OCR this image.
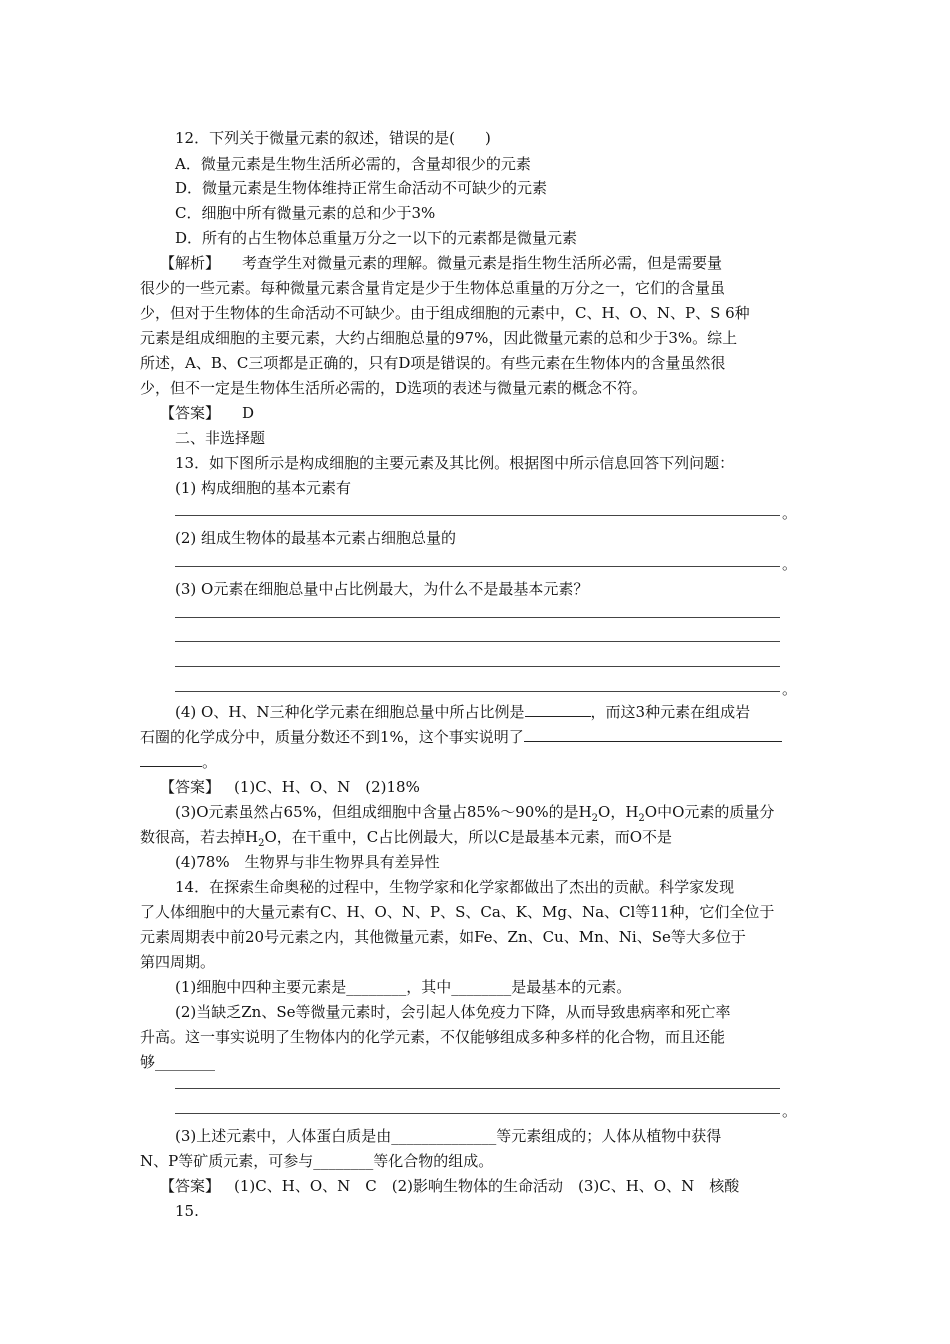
12．下列关于微量元素的叙述，错误的是(　　)
A．微量元素是生物生活所必需的，含量却很少的元素
D．微量元素是生物体维持正常生命活动不可缺少的元素
C．细胞中所有微量元素的总和少于3%
D．所有的占生物体总重量万分之一以下的元素都是微量元素
【解析】 考查学生对微量元素的理解。微量元素是指生物生活所必需，但是需要量
很少的一些元素。每种微量元素含量肯定是少于生物体总重量的万分之一，它们的含量虽
少，但对于生物体的生命活动不可缺少。由于组成细胞的元素中，C、H、O、N、P、S 6种
元素是组成细胞的主要元素，大约占细胞总量的97%，因此微量元素的总和少于3%。综上
所述，A、B、C三项都是正确的，只有D项是错误的。有些元素在生物体内的含量虽然很
少，但不一定是生物体生活所必需的，D选项的表述与微量元素的概念不符。
【答案】 D
二、非选择题
13．如下图所示是构成细胞的主要元素及其比例。根据图中所示信息回答下列问题：
(1) 构成细胞的基本元素有
。
(2) 组成生物体的最基本元素占细胞总量的
。
(3) O元素在细胞总量中占比例最大，为什么不是最基本元素？
。
(4) O、H、N三种化学元素在细胞总量中所占比例是	，而这3种元素在组成岩
石圈的化学成分中，质量分数还不到1%，这个事实说明了
。
【答案】 (1)C、H、O、N　(2)18%
(3)O元素虽然占65%，但组成细胞中含量占85%～90%的是$H_2O$，$H_2O$中O元素的质量分
数很高，若去掉$H_2O$，在干重中，C占比例最大，所以C是最基本元素，而O不是
(4)78%　生物界与非生物界具有差异性
14．在探索生命奥秘的过程中，生物学家和化学家都做出了杰出的贡献。科学家发现
了人体细胞中的大量元素有C、H、O、N、P、S、Ca、K、Mg、Na、Cl等11种，它们全位于
元素周期表中前20号元素之内，其他微量元素，如Fe、Zn、Cu、Mn、Ni、Se等大多位于
第四周期。
(1)细胞中四种主要元素是________，其中________是最基本的元素。
(2)当缺乏Zn、Se等微量元素时，会引起人体免疫力下降，从而导致患病率和死亡率
升高。这一事实说明了生物体内的化学元素，不仅能够组成多种多样的化合物，而且还能
够________
。
(3)上述元素中，人体蛋白质是由______________等元素组成的；人体从植物中获得
N、P等矿质元素，可参与________等化合物的组成。
【答案】 (1)C、H、O、N　C　(2)影响生物体的生命活动　(3)C、H、O、N　核酸
15.
